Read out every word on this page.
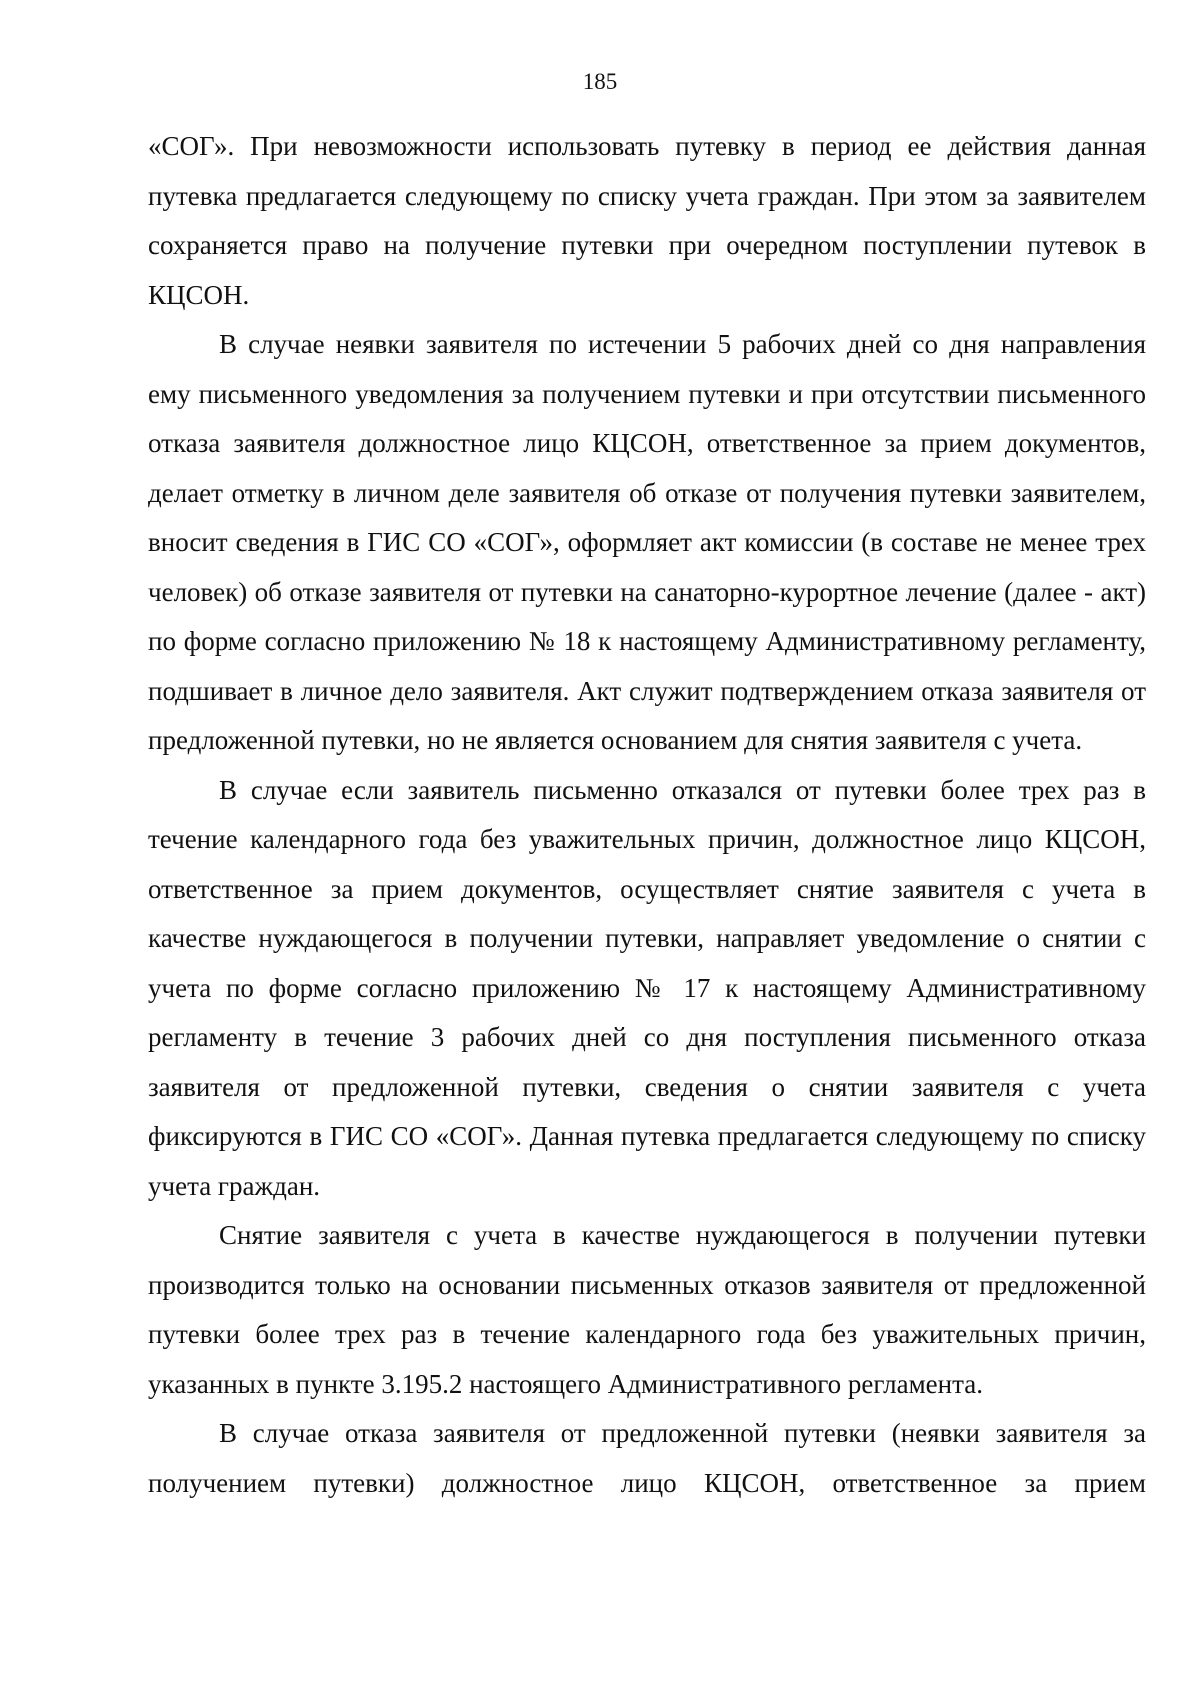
185

«СОГ». При невозможности использовать путевку в период ее действия данная путевка предлагается следующему по списку учета граждан. При этом за заявителем сохраняется право на получение путевки при очередном поступлении путевок в КЦСОН.

В случае неявки заявителя по истечении 5 рабочих дней со дня направления ему письменного уведомления за получением путевки и при отсутствии письменного отказа заявителя должностное лицо КЦСОН, ответственное за прием документов, делает отметку в личном деле заявителя об отказе от получения путевки заявителем, вносит сведения в ГИС СО «СОГ», оформляет акт комиссии (в составе не менее трех человек) об отказе заявителя от путевки на санаторно-курортное лечение (далее - акт) по форме согласно приложению № 18 к настоящему Административному регламенту, подшивает в личное дело заявителя. Акт служит подтверждением отказа заявителя от предложенной путевки, но не является основанием для снятия заявителя с учета.

В случае если заявитель письменно отказался от путевки более трех раз в течение календарного года без уважительных причин, должностное лицо КЦСОН, ответственное за прием документов, осуществляет снятие заявителя с учета в качестве нуждающегося в получении путевки, направляет уведомление о снятии с учета по форме согласно приложению № 17 к настоящему Административному регламенту в течение 3 рабочих дней со дня поступления письменного отказа заявителя от предложенной путевки, сведения о снятии заявителя с учета фиксируются в ГИС СО «СОГ». Данная путевка предлагается следующему по списку учета граждан.

Снятие заявителя с учета в качестве нуждающегося в получении путевки производится только на основании письменных отказов заявителя от предложенной путевки более трех раз в течение календарного года без уважительных причин, указанных в пункте 3.195.2 настоящего Административного регламента.

В случае отказа заявителя от предложенной путевки (неявки заявителя за получением путевки) должностное лицо КЦСОН, ответственное за прием
